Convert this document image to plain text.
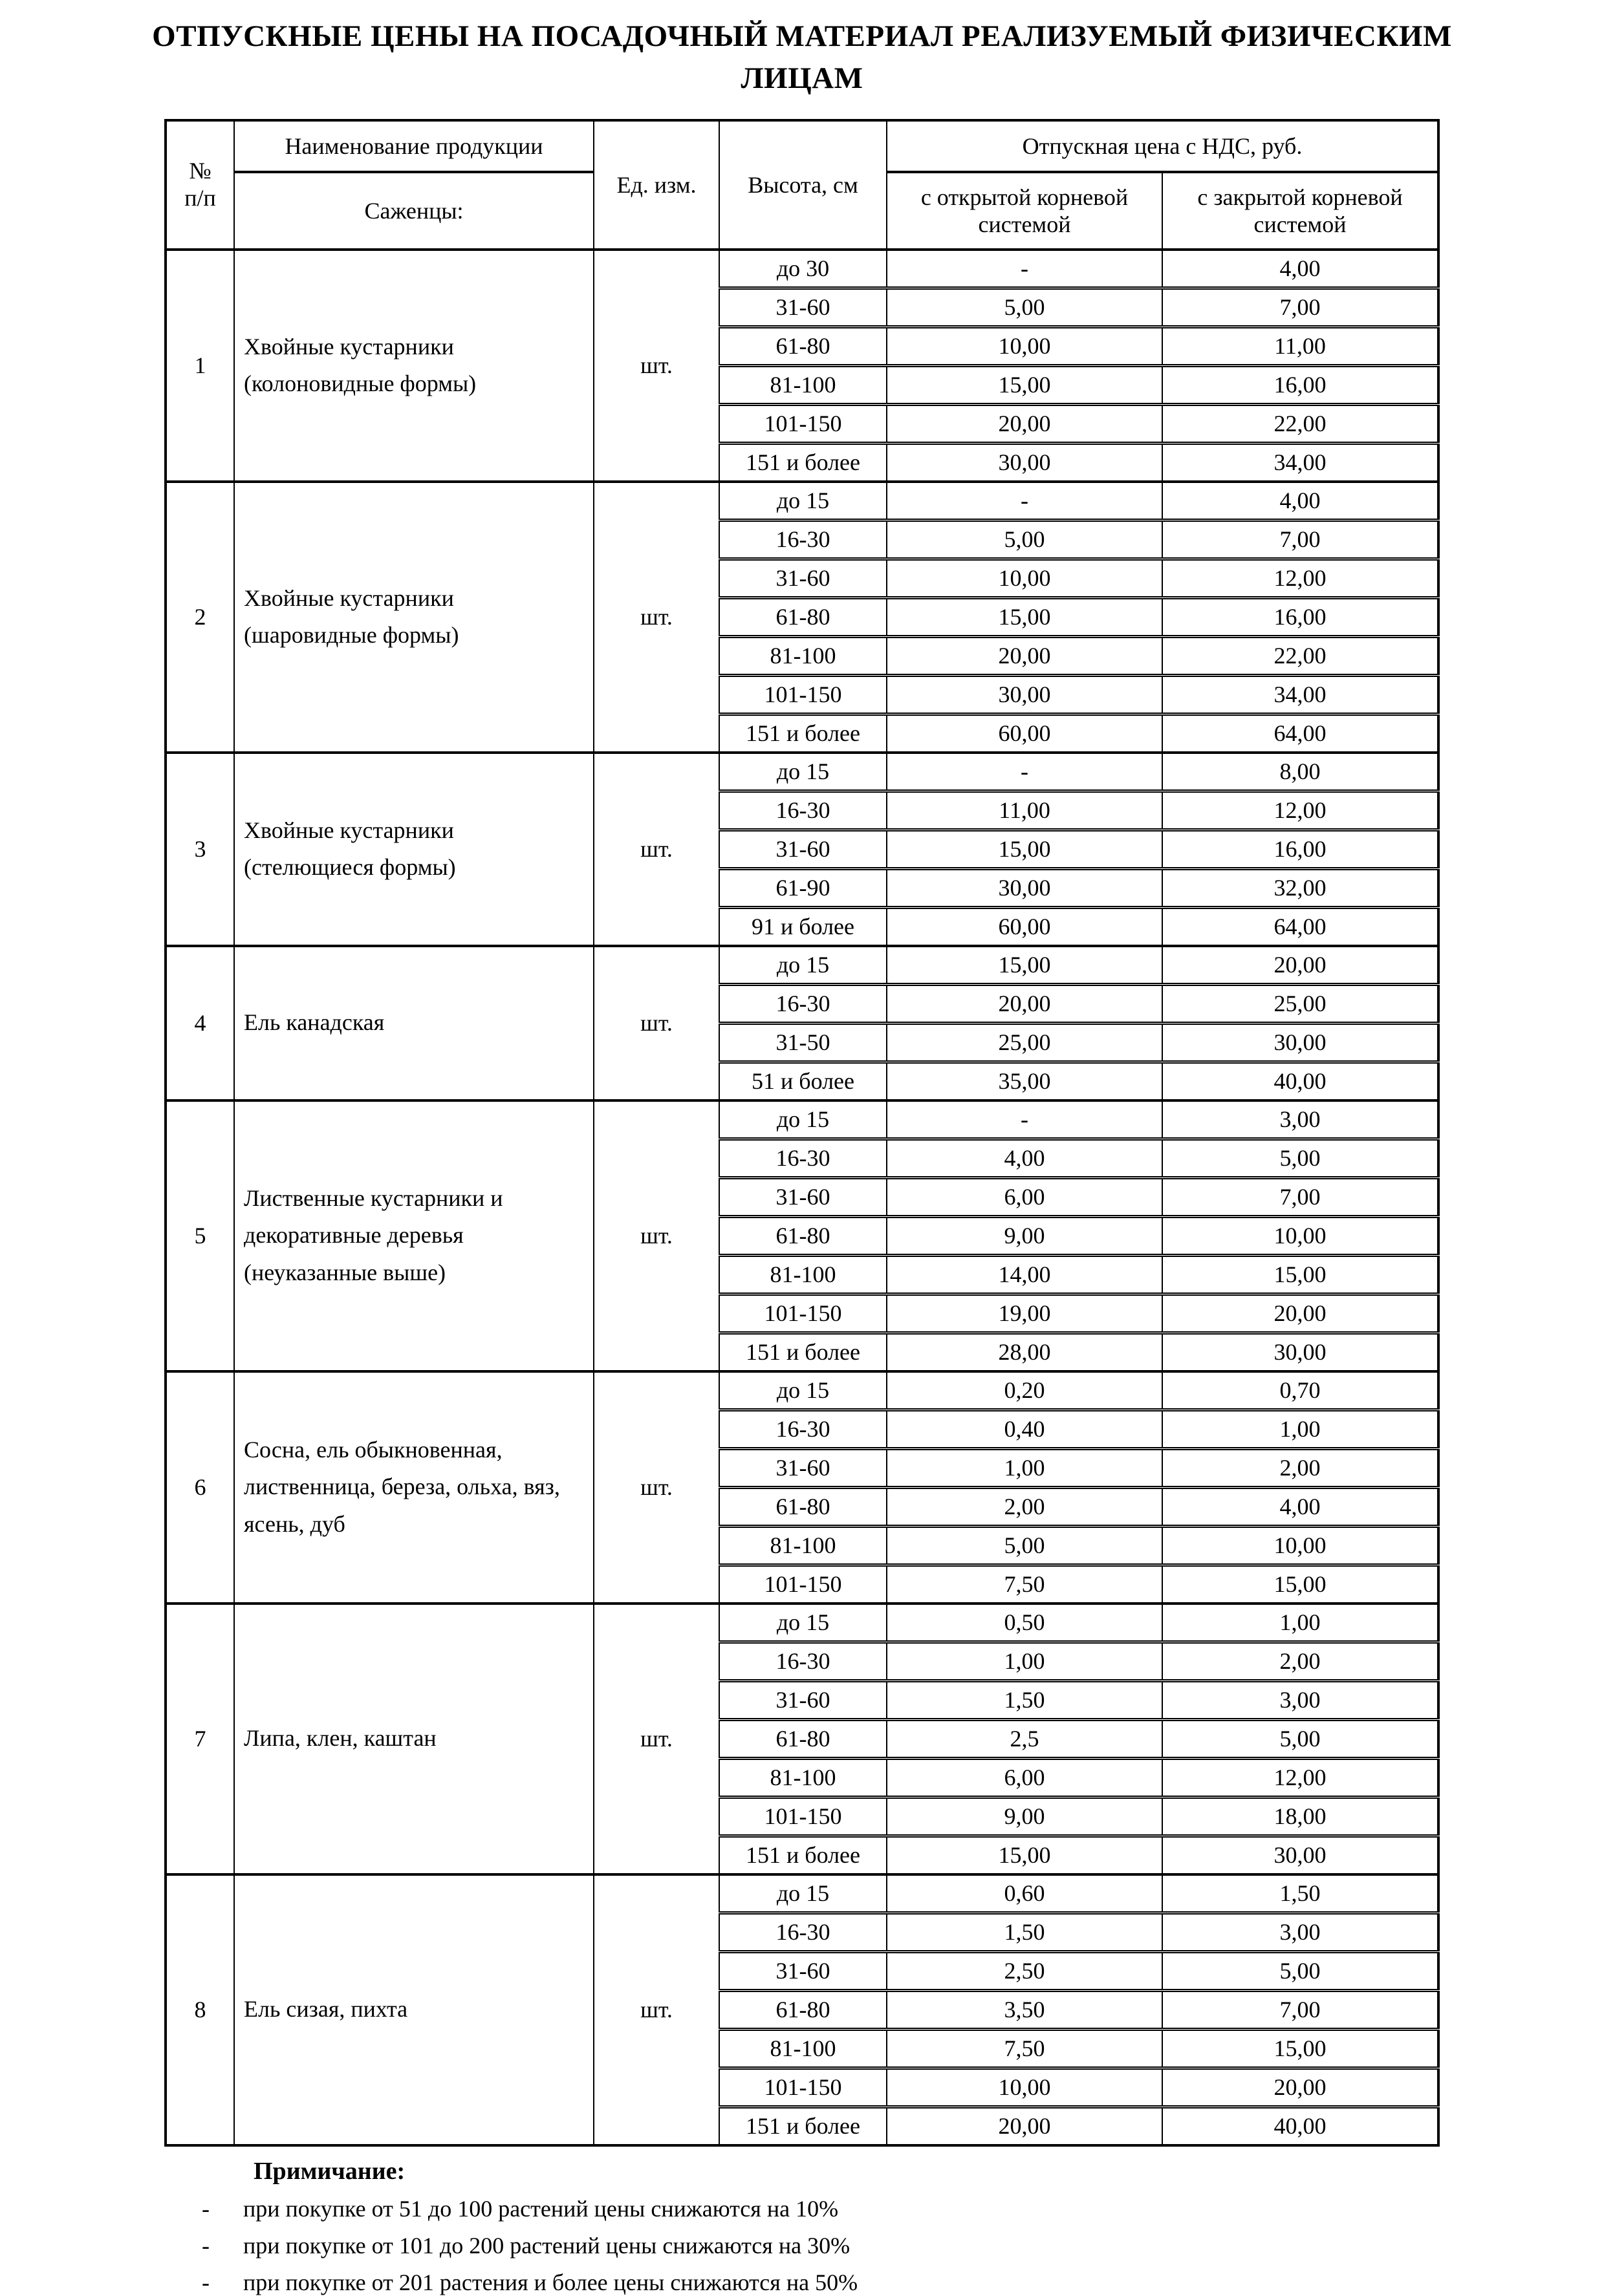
ОТПУСКНЫЕ ЦЕНЫ НА ПОСАДОЧНЫЙ МАТЕРИАЛ РЕАЛИЗУЕМЫЙ ФИЗИЧЕСКИМ
ЛИЦАМ
№
п/п	Наименование продукции	Ед. изм.	Высота, см	Отпускная цена с НДС, руб.	
	Саженцы:			с открытой корневой системой	с закрытой корневой системой
1	Хвойные кустарники (колоновидные формы)	шт.	до 30	-	4,00
			31-60	5,00	7,00
			61-80	10,00	11,00
			81-100	15,00	16,00
			101-150	20,00	22,00
			151 и более	30,00	34,00
2	Хвойные кустарники (шаровидные формы)	шт.	до 15	-	4,00
			16-30	5,00	7,00
			31-60	10,00	12,00
			61-80	15,00	16,00
			81-100	20,00	22,00
			101-150	30,00	34,00
			151 и более	60,00	64,00
3	Хвойные кустарники (стелющиеся формы)	шт.	до 15	-	8,00
			16-30	11,00	12,00
			31-60	15,00	16,00
			61-90	30,00	32,00
			91 и более	60,00	64,00
4	Ель канадская	шт.	до 15	15,00	20,00
			16-30	20,00	25,00
			31-50	25,00	30,00
			51 и более	35,00	40,00
5	Лиственные кустарники и декоративные деревья (неуказанные выше)	шт.	до 15	-	3,00
			16-30	4,00	5,00
			31-60	6,00	7,00
			61-80	9,00	10,00
			81-100	14,00	15,00
			101-150	19,00	20,00
			151 и более	28,00	30,00
6	Сосна, ель обыкновенная, лиственница, береза, ольха, вяз, ясень, дуб	шт.	до 15	0,20	0,70
			16-30	0,40	1,00
			31-60	1,00	2,00
			61-80	2,00	4,00
			81-100	5,00	10,00
			101-150	7,50	15,00
7	Липа, клен, каштан	шт.	до 15	0,50	1,00
			16-30	1,00	2,00
			31-60	1,50	3,00
			61-80	2,5	5,00
			81-100	6,00	12,00
			101-150	9,00	18,00
			151 и более	15,00	30,00
8	Ель сизая, пихта	шт.	до 15	0,60	1,50
			16-30	1,50	3,00
			31-60	2,50	5,00
			61-80	3,50	7,00
			81-100	7,50	15,00
			101-150	10,00	20,00
			151 и более	20,00	40,00
Примичание:
-	при покупке от 51 до 100 растений цены снижаются на 10%
-	при покупке от 101 до 200 растений цены снижаются на 30%
-	при покупке от 201 растения и более цены снижаются на 50%
